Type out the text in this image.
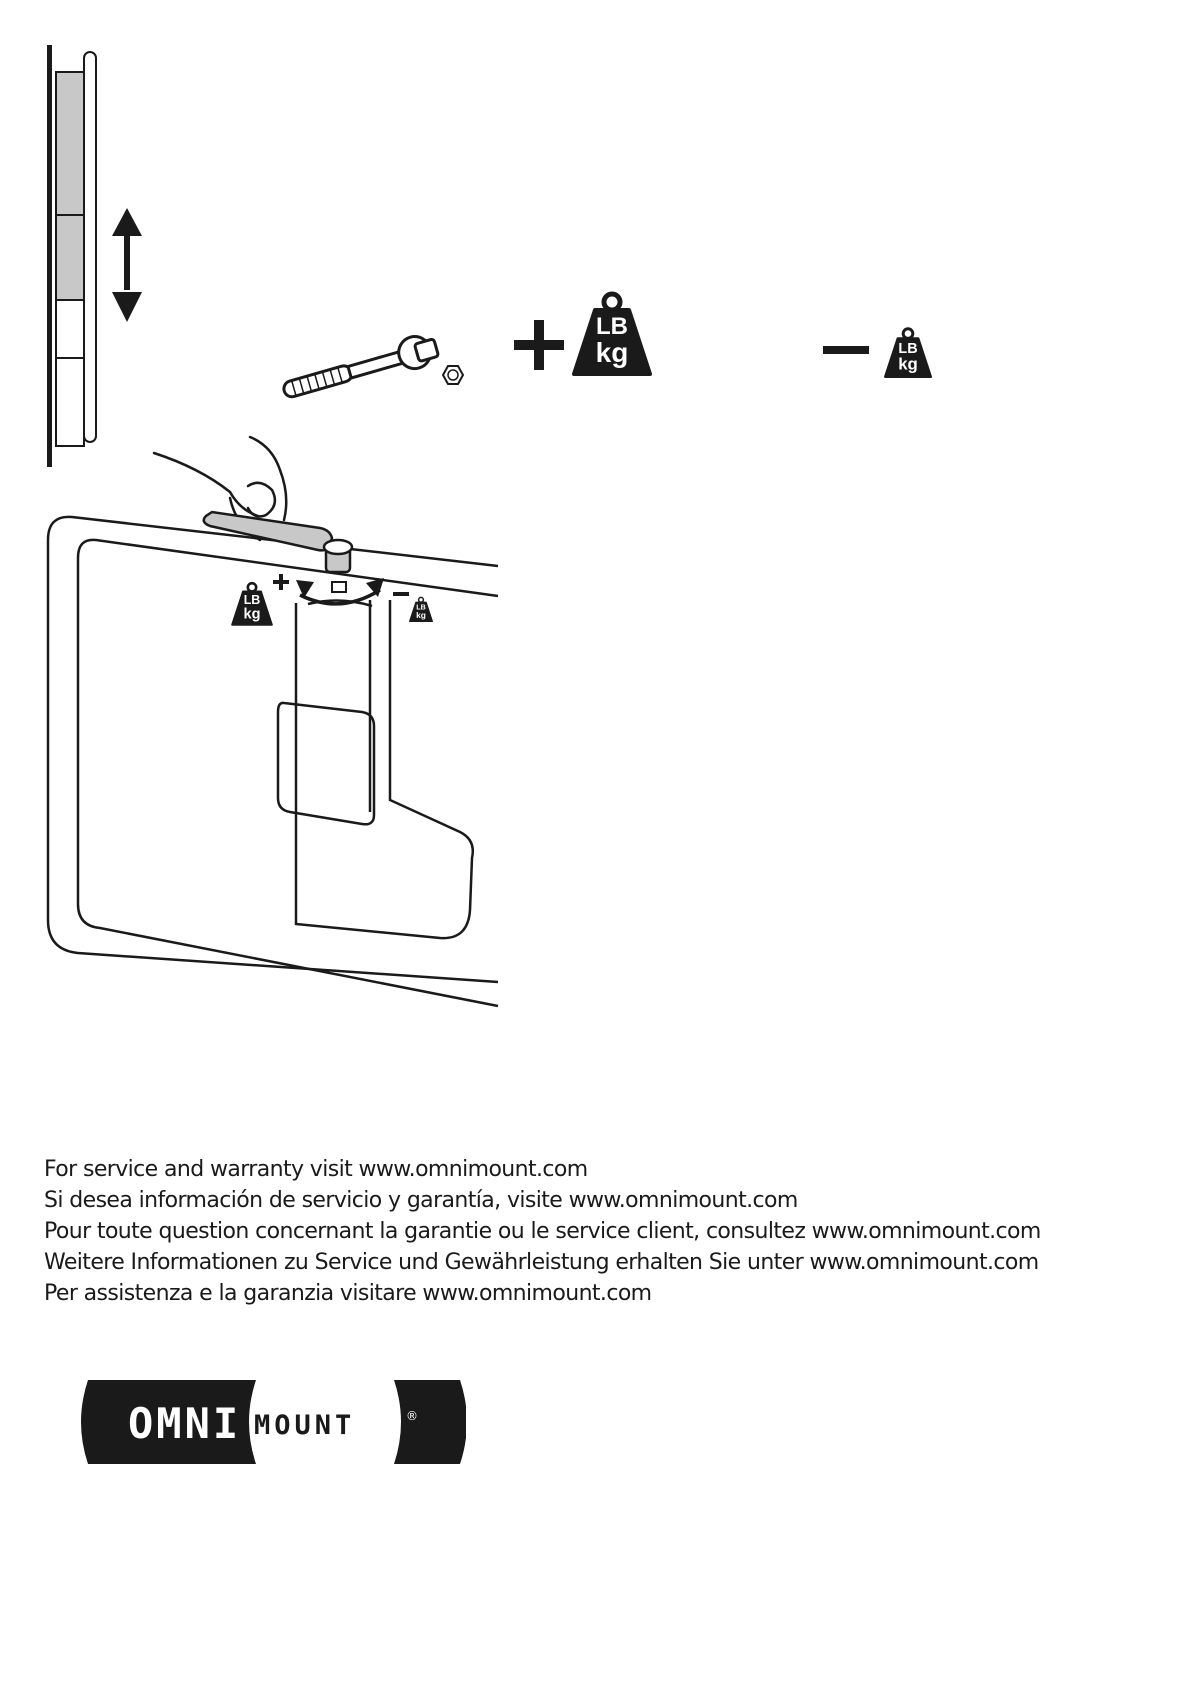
LB
kg	LB
kg
LB
kg	LB
kg
For service and warranty visit www.omnimount.com
Si desea información de servicio y garantía, visite www.omnimount.com
Pour toute question concernant la garantie ou le service client, consultez www.omnimount.com
Weitere Informationen zu Service und Gewährleistung erhalten Sie unter www.omnimount.com
Per assistenza e la garanzia visitare www.omnimount.com
OMNI MOUNT	®
